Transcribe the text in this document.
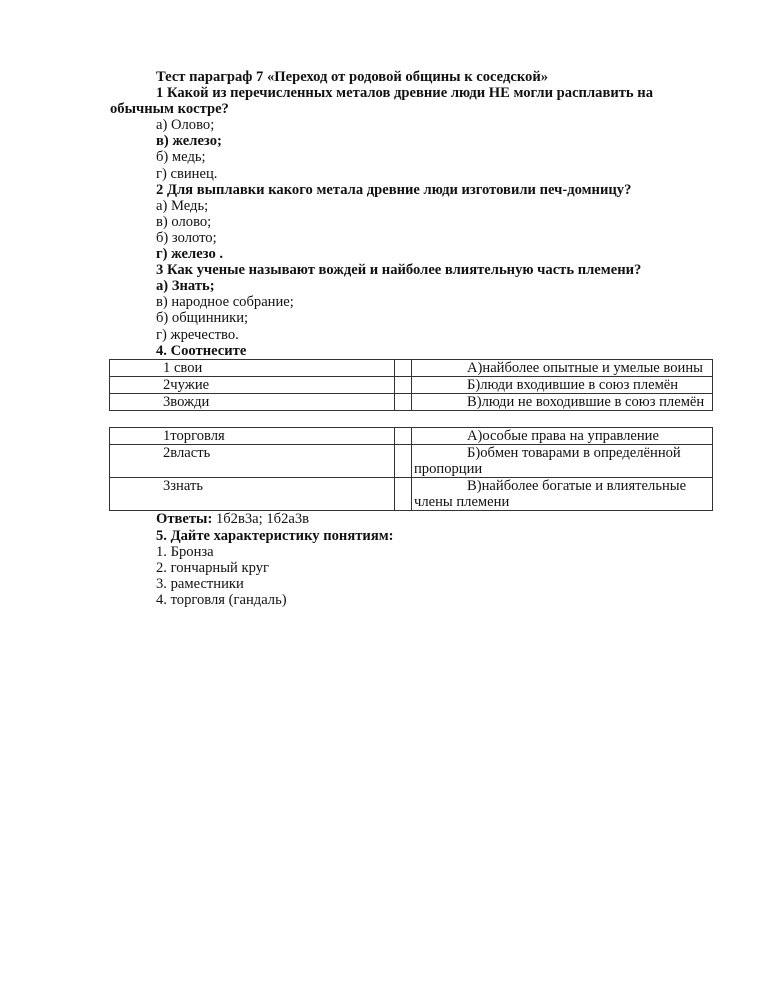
Тест параграф 7 «Переход от родовой общины к соседской»
1 Какой из перечисленных металов древние люди НЕ могли расплавить на
обычным костре?
а) Олово;
в) железо;
б) медь;
г) свинец.
2 Для выплавки какого метала древние люди изготовили печ-домницу?
а) Медь;
в) олово;
б) золото;
г) железо .
3 Как ученые называют вождей и найболее влиятельную часть племени?
а) Знать;
в) народное собрание;
б) общинники;
г) жречество.
4. Соотнесите
1 свои		А)найболее опытные и умелые воины
2чужие		Б)люди входившие в союз племён
3вожди		В)люди не воходившие в союз племён
1торговля		А)особые права на управление
2власть		Б)обмен товарами в определённой пропорции
3знать		В)найболее богатые и влиятельные члены племени
Ответы: 1б2в3а; 1б2а3в
5. Дайте характеристику понятиям:
1. Бронза
2. гончарный круг
3. раместники
4. торговля (гандаль)
